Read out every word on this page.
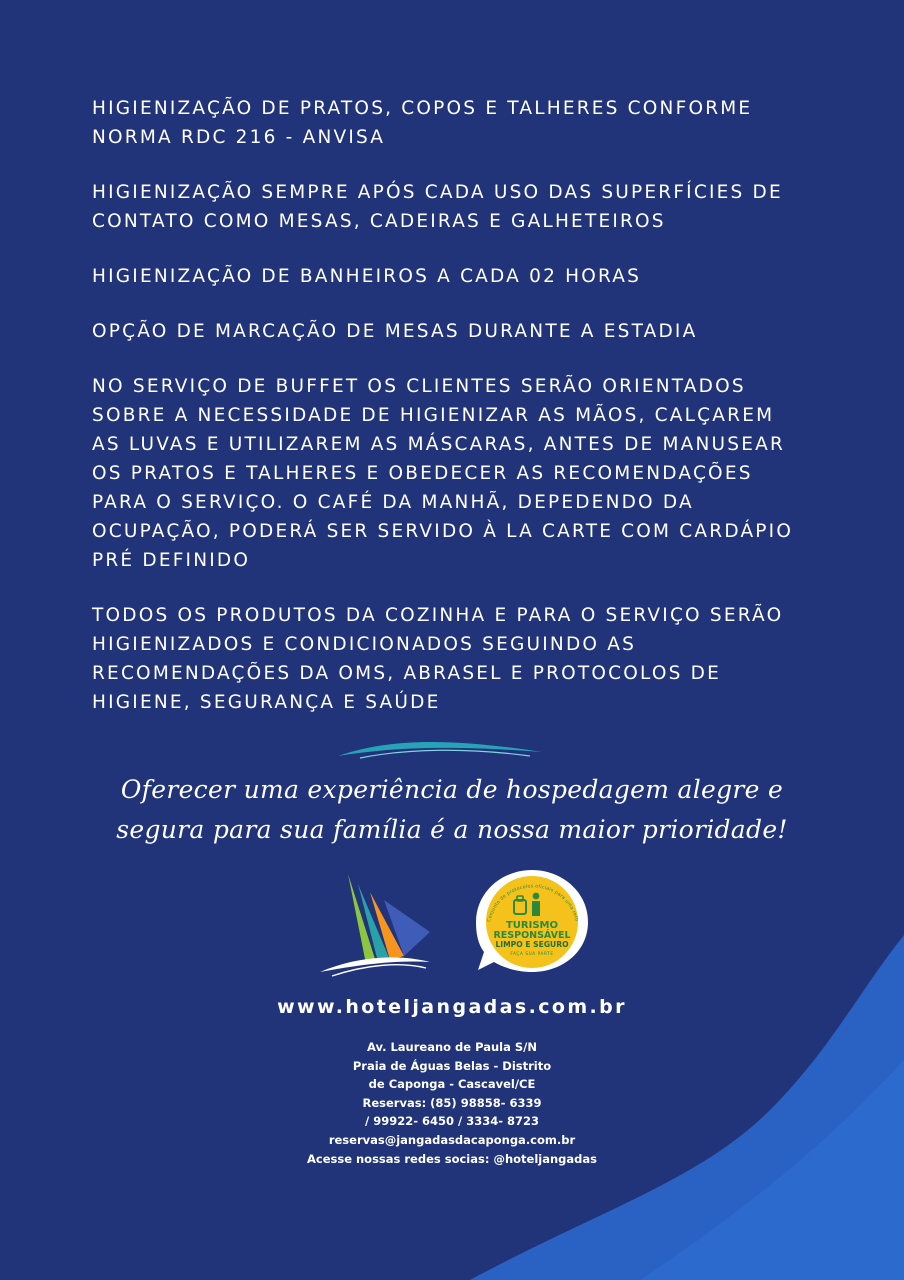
HIGIENIZAÇÃO DE PRATOS, COPOS E TALHERES CONFORME
NORMA RDC 216 - ANVISA

HIGIENIZAÇÃO SEMPRE APÓS CADA USO DAS SUPERFÍCIES DE
CONTATO COMO MESAS, CADEIRAS E GALHETEIROS

HIGIENIZAÇÃO DE BANHEIROS A CADA 02 HORAS

OPÇÃO DE MARCAÇÃO DE MESAS DURANTE A ESTADIA

NO SERVIÇO DE BUFFET OS CLIENTES SERÃO ORIENTADOS
SOBRE A NECESSIDADE DE HIGIENIZAR AS MÃOS, CALÇAREM
AS LUVAS E UTILIZAREM AS MÁSCARAS, ANTES DE MANUSEAR
OS PRATOS E TALHERES E OBEDECER AS RECOMENDAÇÕES
PARA O SERVIÇO. O CAFÉ DA MANHÃ, DEPEDENDO DA
OCUPAÇÃO, PODERÁ SER SERVIDO À LA CARTE COM CARDÁPIO
PRÉ DEFINIDO

TODOS OS PRODUTOS DA COZINHA E PARA O SERVIÇO SERÃO
HIGIENIZADOS E CONDICIONADOS SEGUINDO AS
RECOMENDAÇÕES DA OMS, ABRASEL E PROTOCOLOS DE
HIGIENE, SEGURANÇA E SAÚDE

Oferecer uma experiência de hospedagem alegre e
segura para sua família é a nossa maior prioridade!
Conjunto de protocolos oficiais para uma reto
TURISMO
RESPONSÁVEL
LIMPO E SEGURO
FAÇA SUA PARTE
www.hoteljangadas.com.br
Av. Laureano de Paula S/N
Praia de Águas Belas - Distrito
de Caponga - Cascavel/CE
Reservas: (85) 98858- 6339
/ 99922- 6450 / 3334- 8723
reservas@jangadasdacaponga.com.br
Acesse nossas redes socias: @hoteljangadas
